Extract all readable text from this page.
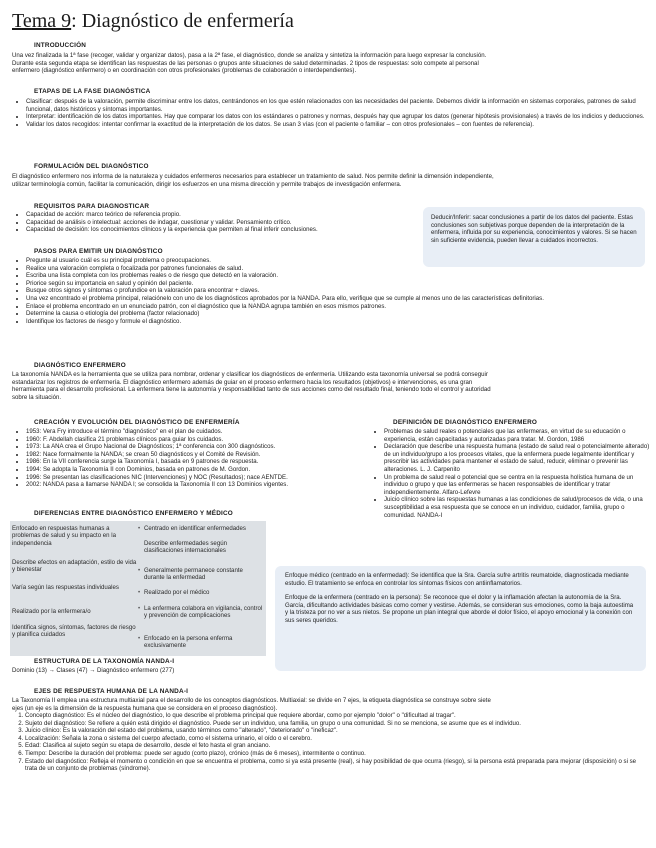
Tema 9: Diagnóstico de enfermería
INTRODUCCIÓN
Una vez finalizada la 1ª fase (recoger, validar y organizar datos), pasa a la 2ª fase, el diagnóstico, donde se analiza y sintetiza la información para luego expresar la conclusión.
Durante esta segunda etapa se identifican las respuestas de las personas o grupos ante situaciones de salud determinadas. 2 tipos de respuestas: solo compete al personal
enfermero (diagnóstico enfermero) o en coordinación con otros profesionales (problemas de colaboración o interdependientes).
ETAPAS DE LA FASE DIAGNÓSTICA
• Clasificar: después de la valoración, permite discriminar entre los datos, centrándonos en los que estén relacionados con las necesidades del paciente. Debemos dividir la información en sistemas corporales, patrones de salud funcional, datos históricos y síntomas importantes.
• Interpretar: identificación de los datos importantes. Hay que comparar los datos con los estándares o patrones y normas, después hay que agrupar los datos (generar hipótesis provisionales) a través de los indicios y deducciones.
• Validar los datos recogidos: intentar confirmar la exactitud de la interpretación de los datos. Se usan 3 vías (con el paciente o familiar – con otros profesionales – con fuentes de referencia).
FORMULACIÓN DEL DIAGNÓSTICO
El diagnóstico enfermero nos informa de la naturaleza y cuidados enfermeros necesarios para establecer un tratamiento de salud. Nos permite definir la dimensión independiente,
utilizar terminología común, facilitar la comunicación, dirigir los esfuerzos en una misma dirección y permite trabajos de investigación enfermera.
REQUISITOS PARA DIAGNOSTICAR
• Capacidad de acción: marco teórico de referencia propio.
• Capacidad de análisis o intelectual: acciones de indagar, cuestionar y validar. Pensamiento crítico.
• Capacidad de decisión: los conocimientos clínicos y la experiencia que permiten al final inferir conclusiones.
Deducir/Inferir: sacar conclusiones a partir de los datos del paciente. Estas conclusiones son subjetivas porque dependen de la interpretación de la enfermera, influida por su experiencia, conocimientos y valores. Si se hacen sin suficiente evidencia, pueden llevar a cuidados incorrectos.
PASOS PARA EMITIR UN DIAGNÓSTICO
• Pregunte al usuario cuál es su principal problema o preocupaciones.
• Realice una valoración completa o focalizada por patrones funcionales de salud.
• Escriba una lista completa con los problemas reales o de riesgo que detectó en la valoración.
• Priorice según su importancia en salud y opinión del paciente.
• Busque otros signos y síntomas o profundice en la valoración para encontrar + claves.
• Una vez encontrado el problema principal, relaciónelo con uno de los diagnósticos aprobados por la NANDA. Para ello, verifique que se cumple al menos uno de las características definitorias.
• Enlace el problema encontrado en un enunciado patrón, con el diagnóstico que la NANDA agrupa también en esos mismos patrones.
• Determine la causa o etiología del problema (factor relacionado)
• Identifique los factores de riesgo y formule el diagnóstico.
DIAGNÓSTICO ENFERMERO
La taxonomía NANDA es la herramienta que se utiliza para nombrar, ordenar y clasificar los diagnósticos de enfermería. Utilizando esta taxonomía universal se podrá conseguir
estandarizar los registros de enfermería. El diagnóstico enfermero además de guiar en el proceso enfermero hacia los resultados (objetivos) e intervenciones, es una gran
herramienta para el desarrollo profesional. La enfermera tiene la autonomía y responsabilidad tanto de sus acciones como del resultado final, teniendo todo el control y autoridad
sobre la situación.
CREACIÓN Y EVOLUCIÓN DEL DIAGNÓSTICO DE ENFERMERÍA
• 1953: Vera Fry introduce el término "diagnóstico" en el plan de cuidados.
• 1960: F. Abdellah clasifica 21 problemas clínicos para guiar los cuidados.
• 1973: La ANA crea el Grupo Nacional de Diagnósticos; 1ª conferencia con 300 diagnósticos.
• 1982: Nace formalmente la NANDA; se crean 50 diagnósticos y el Comité de Revisión.
• 1986: En la VII conferencia surge la Taxonomía I, basada en 9 patrones de respuesta.
• 1994: Se adopta la Taxonomía II con Dominios, basada en patrones de M. Gordon.
• 1996: Se presentan las clasificaciones NIC (Intervenciones) y NOC (Resultados); nace AENTDE.
• 2002: NANDA pasa a llamarse NANDA I; se consolida la Taxonomía II con 13 Dominios vigentes.
DEFINICIÓN DE DIAGNÓSTICO ENFERMERO
• Problemas de salud reales o potenciales que las enfermeras, en virtud de su educación o experiencia, están capacitadas y autorizadas para tratar. M. Gordon, 1986
• Declaración que describe una respuesta humana (estado de salud real o potencialmente alterado) de un individuo/grupo a los procesos vitales, que la enfermera puede legalmente identificar y prescribir las actividades para mantener el estado de salud, reducir, eliminar o prevenir las alteraciones. L. J. Carpenito
• Un problema de salud real o potencial que se centra en la respuesta holística humana de un individuo o grupo y que las enfermeras se hacen responsables de identificar y tratar independientemente. Alfaro-Lefevre
• Juicio clínico sobre las respuestas humanas a las condiciones de salud/procesos de vida, o una susceptibilidad a esa respuesta que se conoce en un individuo, cuidador, familia, grupo o comunidad. NANDA-I
DIFERENCIAS ENTRE DIAGNÓSTICO ENFERMERO Y MÉDICO
Enfocado en respuestas humanas a problemas de salud y su impacto en la independencia
Describe efectos en adaptación, estilo de vida y bienestar
Varía según las respuestas individuales
Realizado por la enfermera/o
Identifica signos, síntomas, factores de riesgo y planifica cuidados
• Centrado en identificar enfermedades
Describe enfermedades según clasificaciones internacionales
• Generalmente permanece constante durante la enfermedad
• Realizado por el médico
• La enfermera colabora en vigilancia, control y prevención de complicaciones
• Enfocado en la persona enferma exclusivamente
Enfoque médico (centrado en la enfermedad): Se identifica que la Sra. García sufre artritis reumatoide, diagnosticada mediante estudio. El tratamiento se enfoca en controlar los síntomas físicos con antiinflamatorios.
Enfoque de la enfermera (centrado en la persona): Se reconoce que el dolor y la inflamación afectan la autonomía de la Sra. García, dificultando actividades básicas como comer y vestirse. Además, se consideran sus emociones, como la baja autoestima y la tristeza por no ver a sus nietos. Se propone un plan integral que aborde el dolor físico, el apoyo emocional y la conexión con sus seres queridos.
ESTRUCTURA DE LA TAXONOMÍA NANDA-I
Dominio (13) → Clases (47) → Diagnóstico enfermero (277)
EJES DE RESPUESTA HUMANA DE LA NANDA-I
La Taxonomía II emplea una estructura multiaxial para el desarrollo de los conceptos diagnósticos. Multiaxial: se divide en 7 ejes, la etiqueta diagnóstica se construye sobre siete
ejes (un eje es la dimensión de la respuesta humana que se considera en el proceso diagnóstico).
1. Concepto diagnóstico: Es el núcleo del diagnóstico, lo que describe el problema principal que requiere abordar, como por ejemplo "dolor" o "dificultad al tragar".
2. Sujeto del diagnóstico: Se refiere a quién está dirigido el diagnóstico. Puede ser un individuo, una familia, un grupo o una comunidad. Si no se menciona, se asume que es el individuo.
3. Juicio clínico: Es la valoración del estado del problema, usando términos como "alterado", "deteriorado" o "ineficaz".
4. Localización: Señala la zona o sistema del cuerpo afectado, como el sistema urinario, el oído o el cerebro.
5. Edad: Clasifica al sujeto según su etapa de desarrollo, desde el feto hasta el gran anciano.
6. Tiempo: Describe la duración del problema: puede ser agudo (corto plazo), crónico (más de 6 meses), intermitente o continuo.
7. Estado del diagnóstico: Refleja el momento o condición en que se encuentra el problema, como si ya está presente (real), si hay posibilidad de que ocurra (riesgo), si la persona está preparada para mejorar (disposición) o si se trata de un conjunto de problemas (síndrome).
